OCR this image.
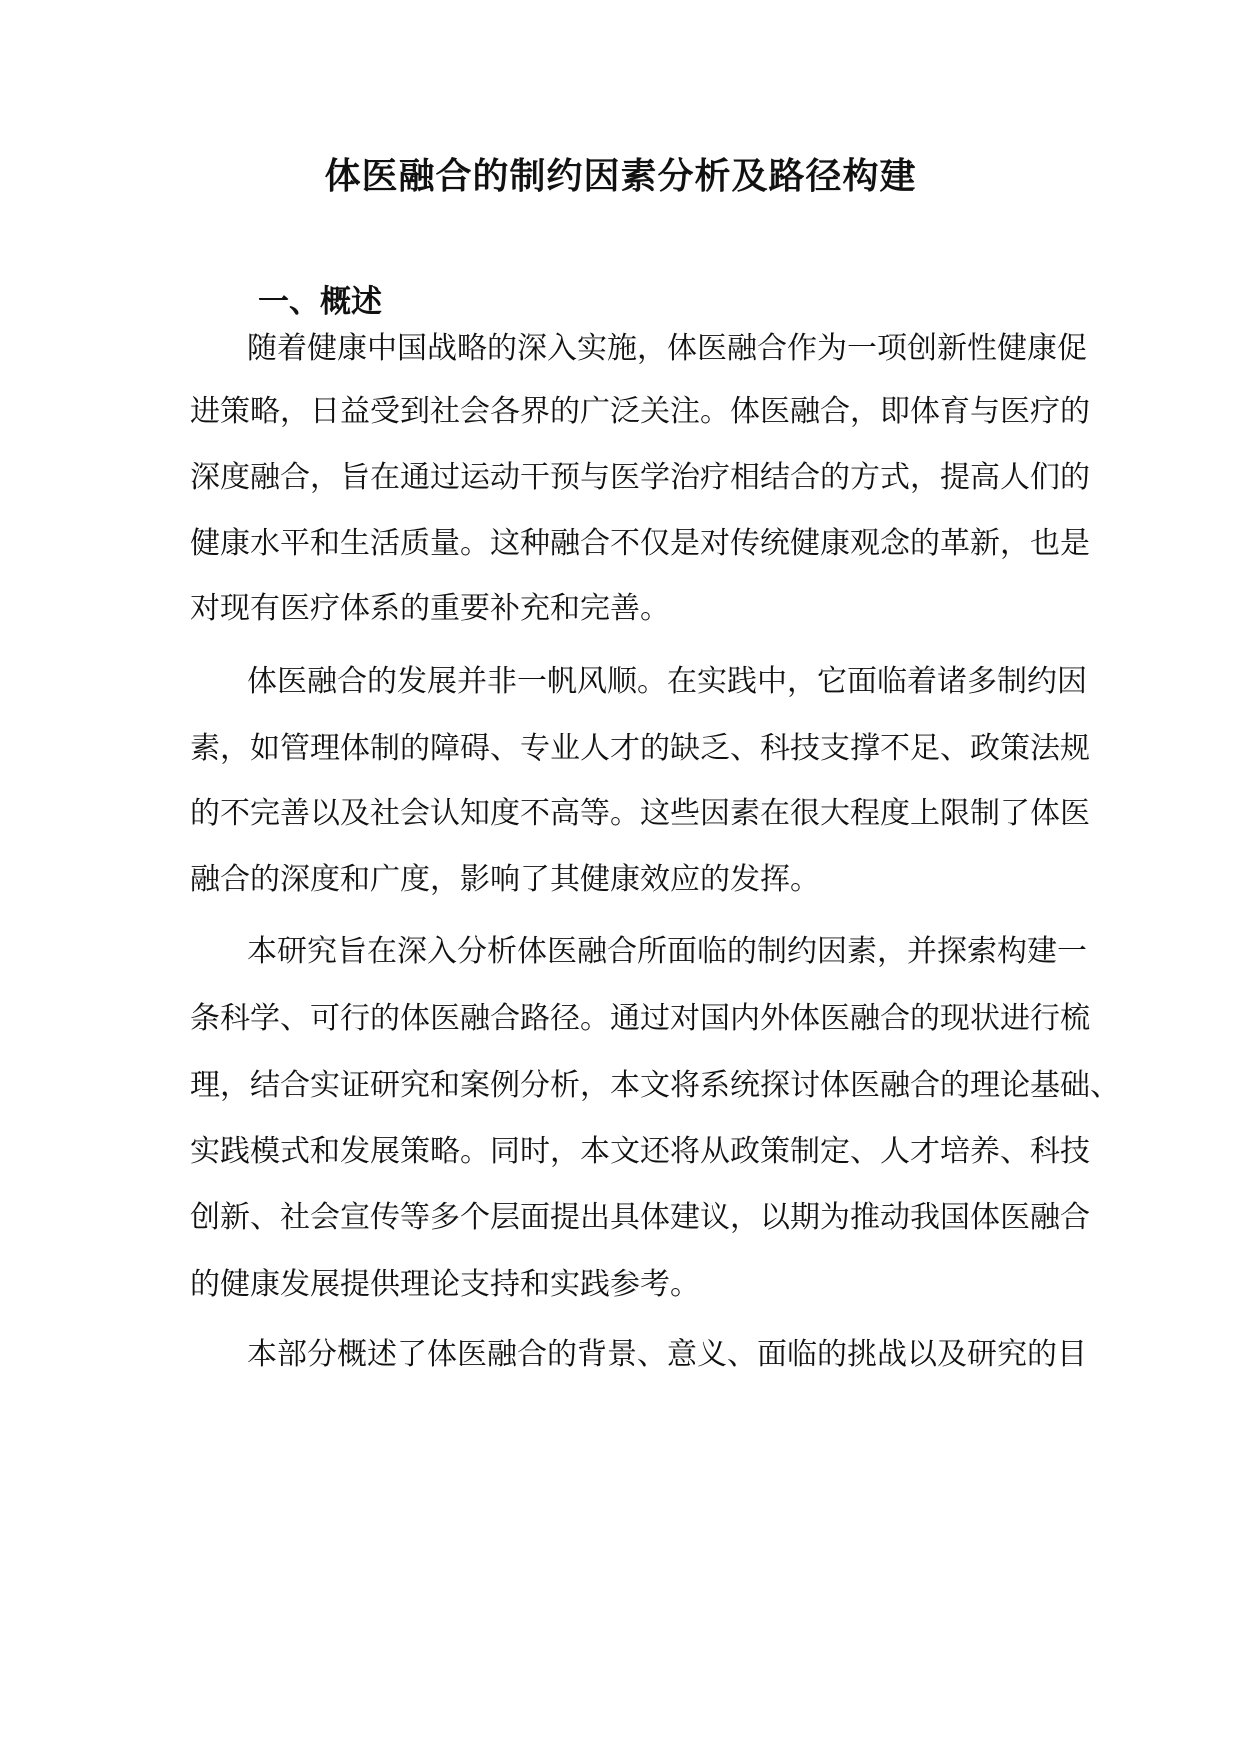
体医融合的制约因素分析及路径构建
一、概述
随着健康中国战略的深入实施，体医融合作为一项创新性健康促
进策略，日益受到社会各界的广泛关注。体医融合，即体育与医疗的
深度融合，旨在通过运动干预与医学治疗相结合的方式，提高人们的
健康水平和生活质量。这种融合不仅是对传统健康观念的革新，也是
对现有医疗体系的重要补充和完善。
体医融合的发展并非一帆风顺。在实践中，它面临着诸多制约因
素，如管理体制的障碍、专业人才的缺乏、科技支撑不足、政策法规
的不完善以及社会认知度不高等。这些因素在很大程度上限制了体医
融合的深度和广度，影响了其健康效应的发挥。
本研究旨在深入分析体医融合所面临的制约因素，并探索构建一
条科学、可行的体医融合路径。通过对国内外体医融合的现状进行梳
理，结合实证研究和案例分析，本文将系统探讨体医融合的理论基础、
实践模式和发展策略。同时，本文还将从政策制定、人才培养、科技
创新、社会宣传等多个层面提出具体建议，以期为推动我国体医融合
的健康发展提供理论支持和实践参考。
本部分概述了体医融合的背景、意义、面临的挑战以及研究的目
